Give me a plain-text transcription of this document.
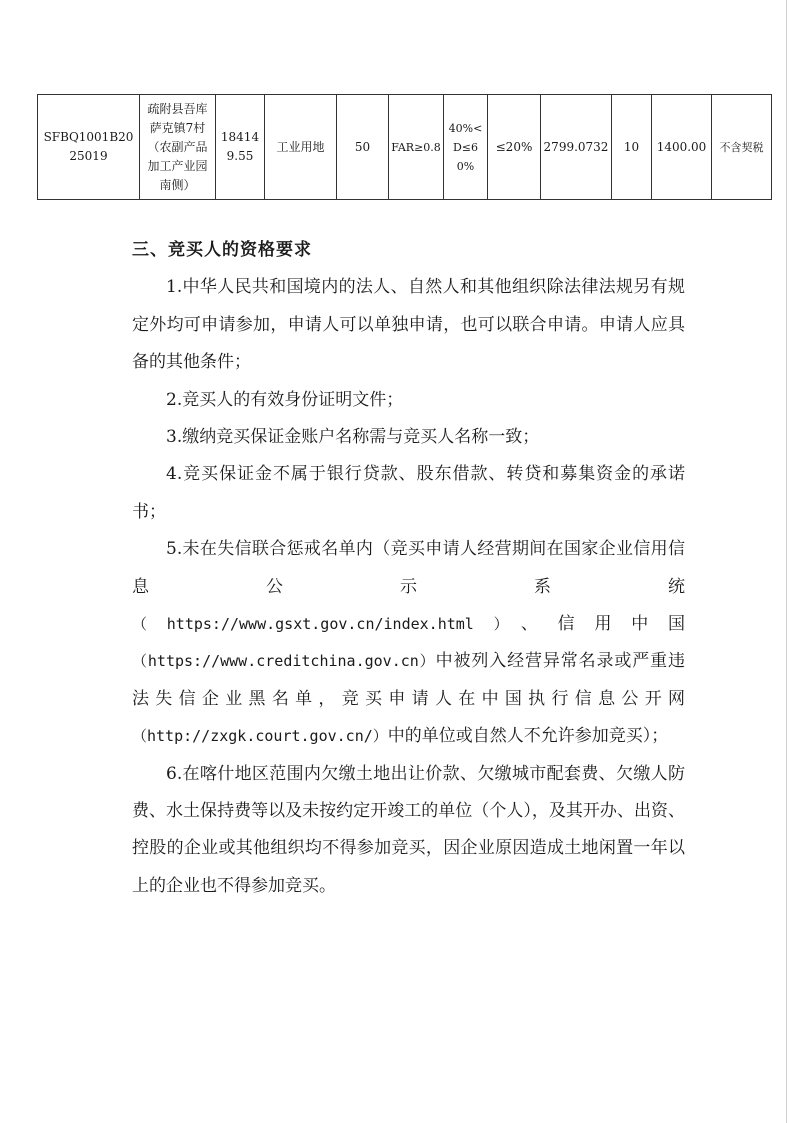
SFBQ1001B2025019	疏附县吾库萨克镇7村（农副产品加工产业园南侧）	184149.55	工业用地	50	FAR≥0.8	40%<D≤60%	≤20%	2799.0732	10	1400.00	不含契税

三、竞买人的资格要求

1.中华人民共和国境内的法人、自然人和其他组织除法律法规另有规定外均可申请参加，申请人可以单独申请，也可以联合申请。申请人应具备的其他条件；

2.竞买人的有效身份证明文件；

3.缴纳竞买保证金账户名称需与竞买人名称一致；

4.竞买保证金不属于银行贷款、股东借款、转贷和募集资金的承诺书；

5.未在失信联合惩戒名单内（竞买申请人经营期间在国家企业信用信息公示系统

（https://www.gsxt.gov.cn/index.html）、信用中国（https://www.creditchina.gov.cn）中被列入经营异常名录或严重违法失信企业黑名单，竞买申请人在中国执行信息公开网（http://zxgk.court.gov.cn/）中的单位或自然人不允许参加竞买）；

6.在喀什地区范围内欠缴土地出让价款、欠缴城市配套费、欠缴人防费、水土保持费等以及未按约定开竣工的单位（个人），及其开办、出资、控股的企业或其他组织均不得参加竞买，因企业原因造成土地闲置一年以上的企业也不得参加竞买。
